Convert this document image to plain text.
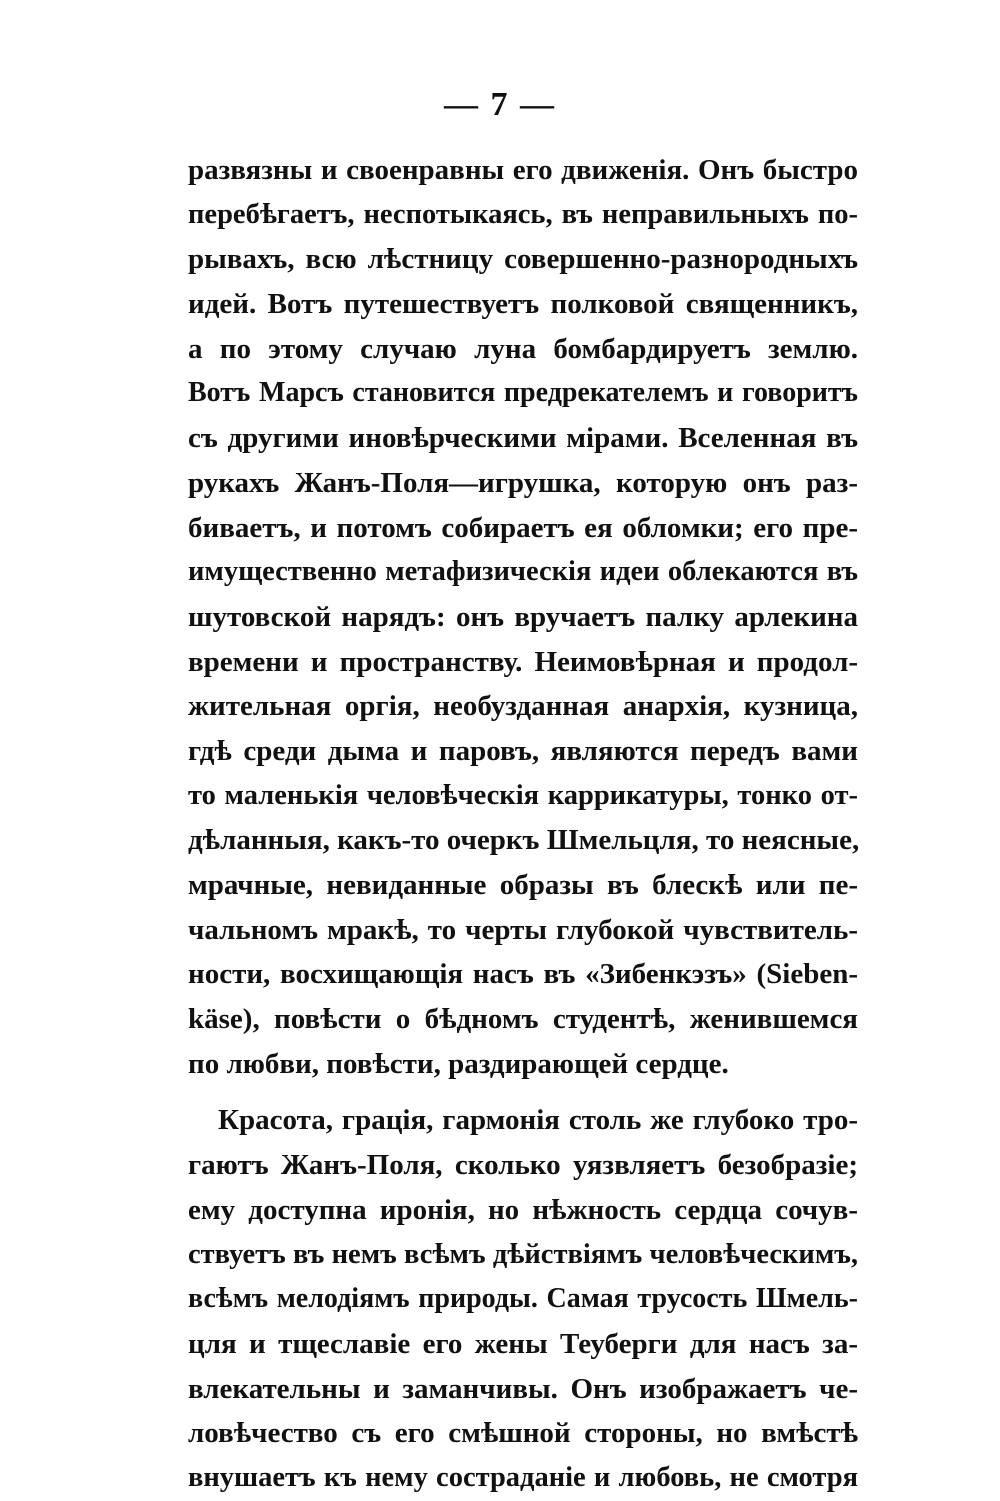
— 7 —
развязны и своенравны его движенія. Онъ быстро
перебѣгаетъ, неспотыкаясь, въ неправильныхъ по-
рывахъ, всю лѣстницу совершенно-разнородныхъ
идей. Вотъ путешествуетъ полковой священникъ,
а по этому случаю луна бомбардируетъ землю.
Вотъ Марсъ становится предрекателемъ и говоритъ
съ другими иновѣрческими мірами. Вселенная въ
рукахъ Жанъ-Поля—игрушка, которую онъ раз-
биваетъ, и потомъ собираетъ ея обломки; его пре-
имущественно метафизическія идеи облекаются въ
шутовской нарядъ: онъ вручаетъ палку арлекина
времени и пространству. Неимовѣрная и продол-
жительная оргія, необузданная анархія, кузница,
гдѣ среди дыма и паровъ, являются передъ вами
то маленькія человѣческія каррикатуры, тонко от-
дѣланныя, какъ-то очеркъ Шмельцля, то неясные,
мрачные, невиданные образы въ блескѣ или пе-
чальномъ мракѣ, то черты глубокой чувствитель-
ности, восхищающія насъ въ «Зибенкэзъ» (Sieben-
käse), повѣсти о бѣдномъ студентѣ, женившемся
по любви, повѣсти, раздирающей сердце.
Красота, грація, гармонія столь же глубоко тро-
гаютъ Жанъ-Поля, сколько уязвляетъ безобразіе;
ему доступна иронія, но нѣжность сердца сочув-
ствуетъ въ немъ всѣмъ дѣйствіямъ человѣческимъ,
всѣмъ мелодіямъ природы. Самая трусость Шмель-
цля и тщеславіе его жены Теуберги для насъ за-
влекательны и заманчивы. Онъ изображаетъ че-
ловѣчество съ его смѣшной стороны, но вмѣстѣ
внушаетъ къ нему состраданіе и любовь, не смотря
